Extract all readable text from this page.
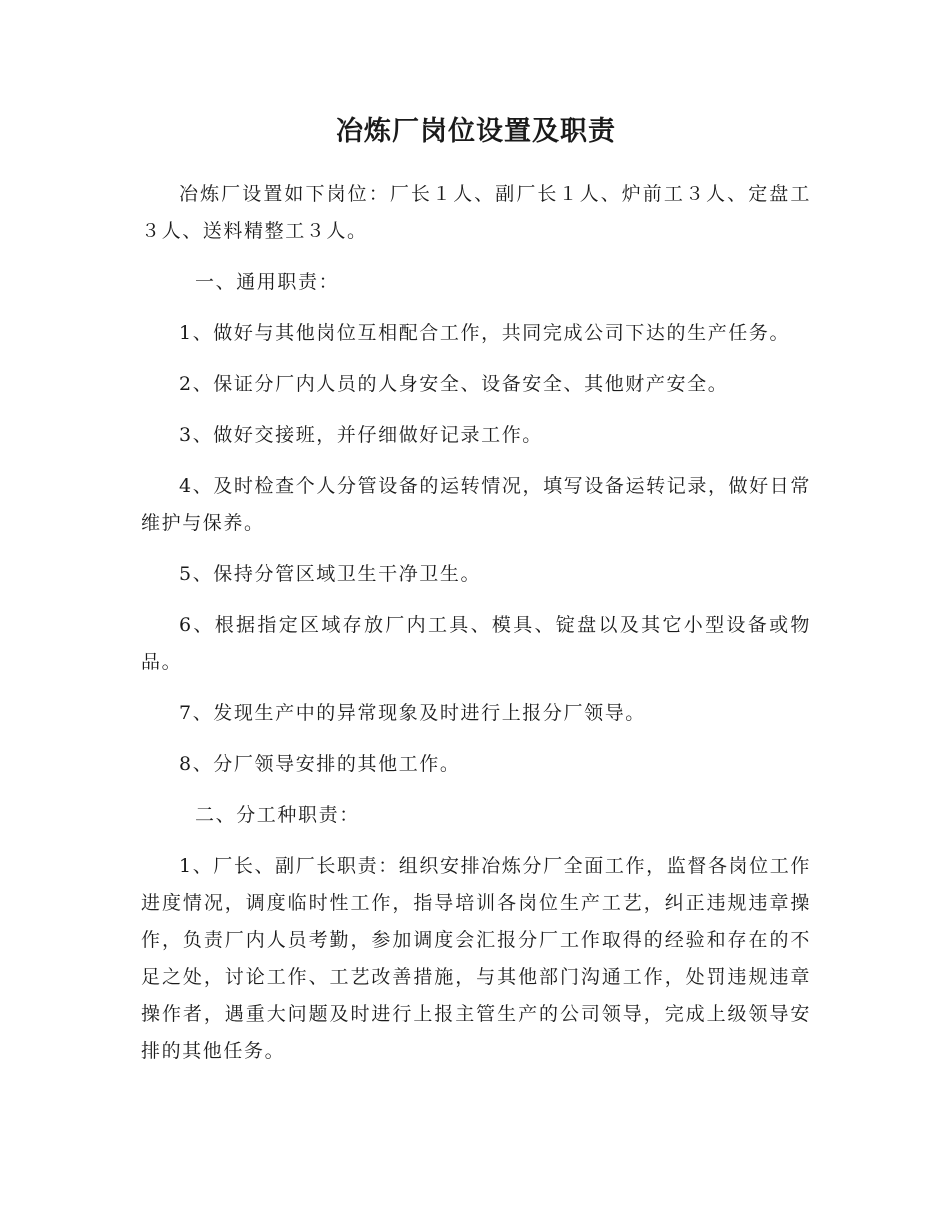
冶炼厂岗位设置及职责

冶炼厂设置如下岗位：厂长１人、副厂长１人、炉前工３人、定盘工３人、送料精整工３人。

一、通用职责：

1、做好与其他岗位互相配合工作，共同完成公司下达的生产任务。

2、保证分厂内人员的人身安全、设备安全、其他财产安全。

3、做好交接班，并仔细做好记录工作。

4、及时检查个人分管设备的运转情况，填写设备运转记录，做好日常维护与保养。

5、保持分管区域卫生干净卫生。

6、根据指定区域存放厂内工具、模具、锭盘以及其它小型设备或物品。

7、发现生产中的异常现象及时进行上报分厂领导。

8、分厂领导安排的其他工作。

二、分工种职责：

1、厂长、副厂长职责：组织安排冶炼分厂全面工作，监督各岗位工作进度情况，调度临时性工作，指导培训各岗位生产工艺，纠正违规违章操作，负责厂内人员考勤，参加调度会汇报分厂工作取得的经验和存在的不足之处，讨论工作、工艺改善措施，与其他部门沟通工作，处罚违规违章操作者，遇重大问题及时进行上报主管生产的公司领导，完成上级领导安排的其他任务。
